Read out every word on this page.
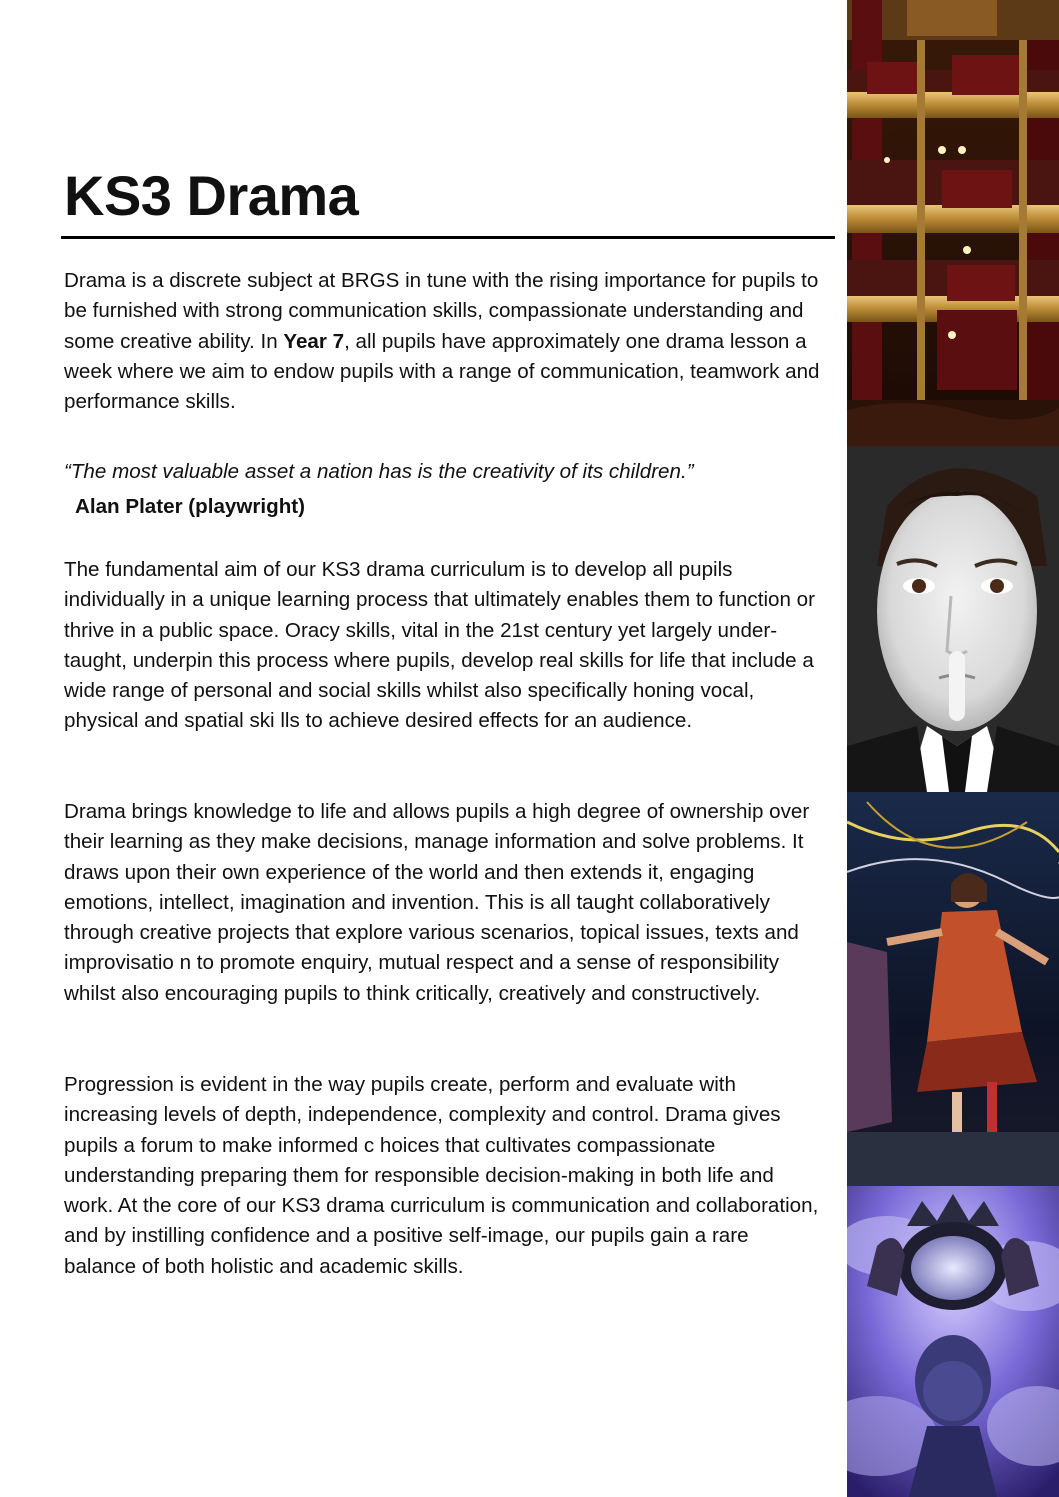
KS3 Drama

Drama is a discrete subject at BRGS in tune with the rising importance for pupils to be furnished with strong communication skills, compassionate understanding and some creative ability. In Year 7, all pupils have approximately one drama lesson a week where we aim to endow pupils with a range of communication, teamwork and performance skills.

“The most valuable asset a nation has is the creativity of its children.”

Alan Plater (playwright)

The fundamental aim of our KS3 drama curriculum is to develop all pupils individually in a unique learning process that ultimately enables them to function or thrive in a public space. Oracy skills, vital in the 21st century yet largely under-taught, underpin this process where pupils, develop real skills for life that include a wide range of personal and social skills whilst also specifically honing vocal, physical and spatial ski lls to achieve desired effects for an audience.

Drama brings knowledge to life and allows pupils a high degree of ownership over their learning as they make decisions, manage information and solve problems. It draws upon their own experience of the world and then extends it, engaging emotions, intellect, imagination and invention. This is all taught collaboratively through creative projects that explore various scenarios, topical issues, texts and improvisatio n to promote enquiry, mutual respect and a sense of responsibility whilst also encouraging pupils to think critically, creatively and constructively.

Progression is evident in the way pupils create, perform and evaluate with increasing levels of depth, independence, complexity and control. Drama gives pupils a forum to make informed c hoices that cultivates compassionate understanding preparing them for responsible decision-making in both life and work. At the core of our KS3 drama curriculum is communication and collaboration, and by instilling confidence and a positive self-image, our pupils gain a rare balance of both holistic and academic skills.
